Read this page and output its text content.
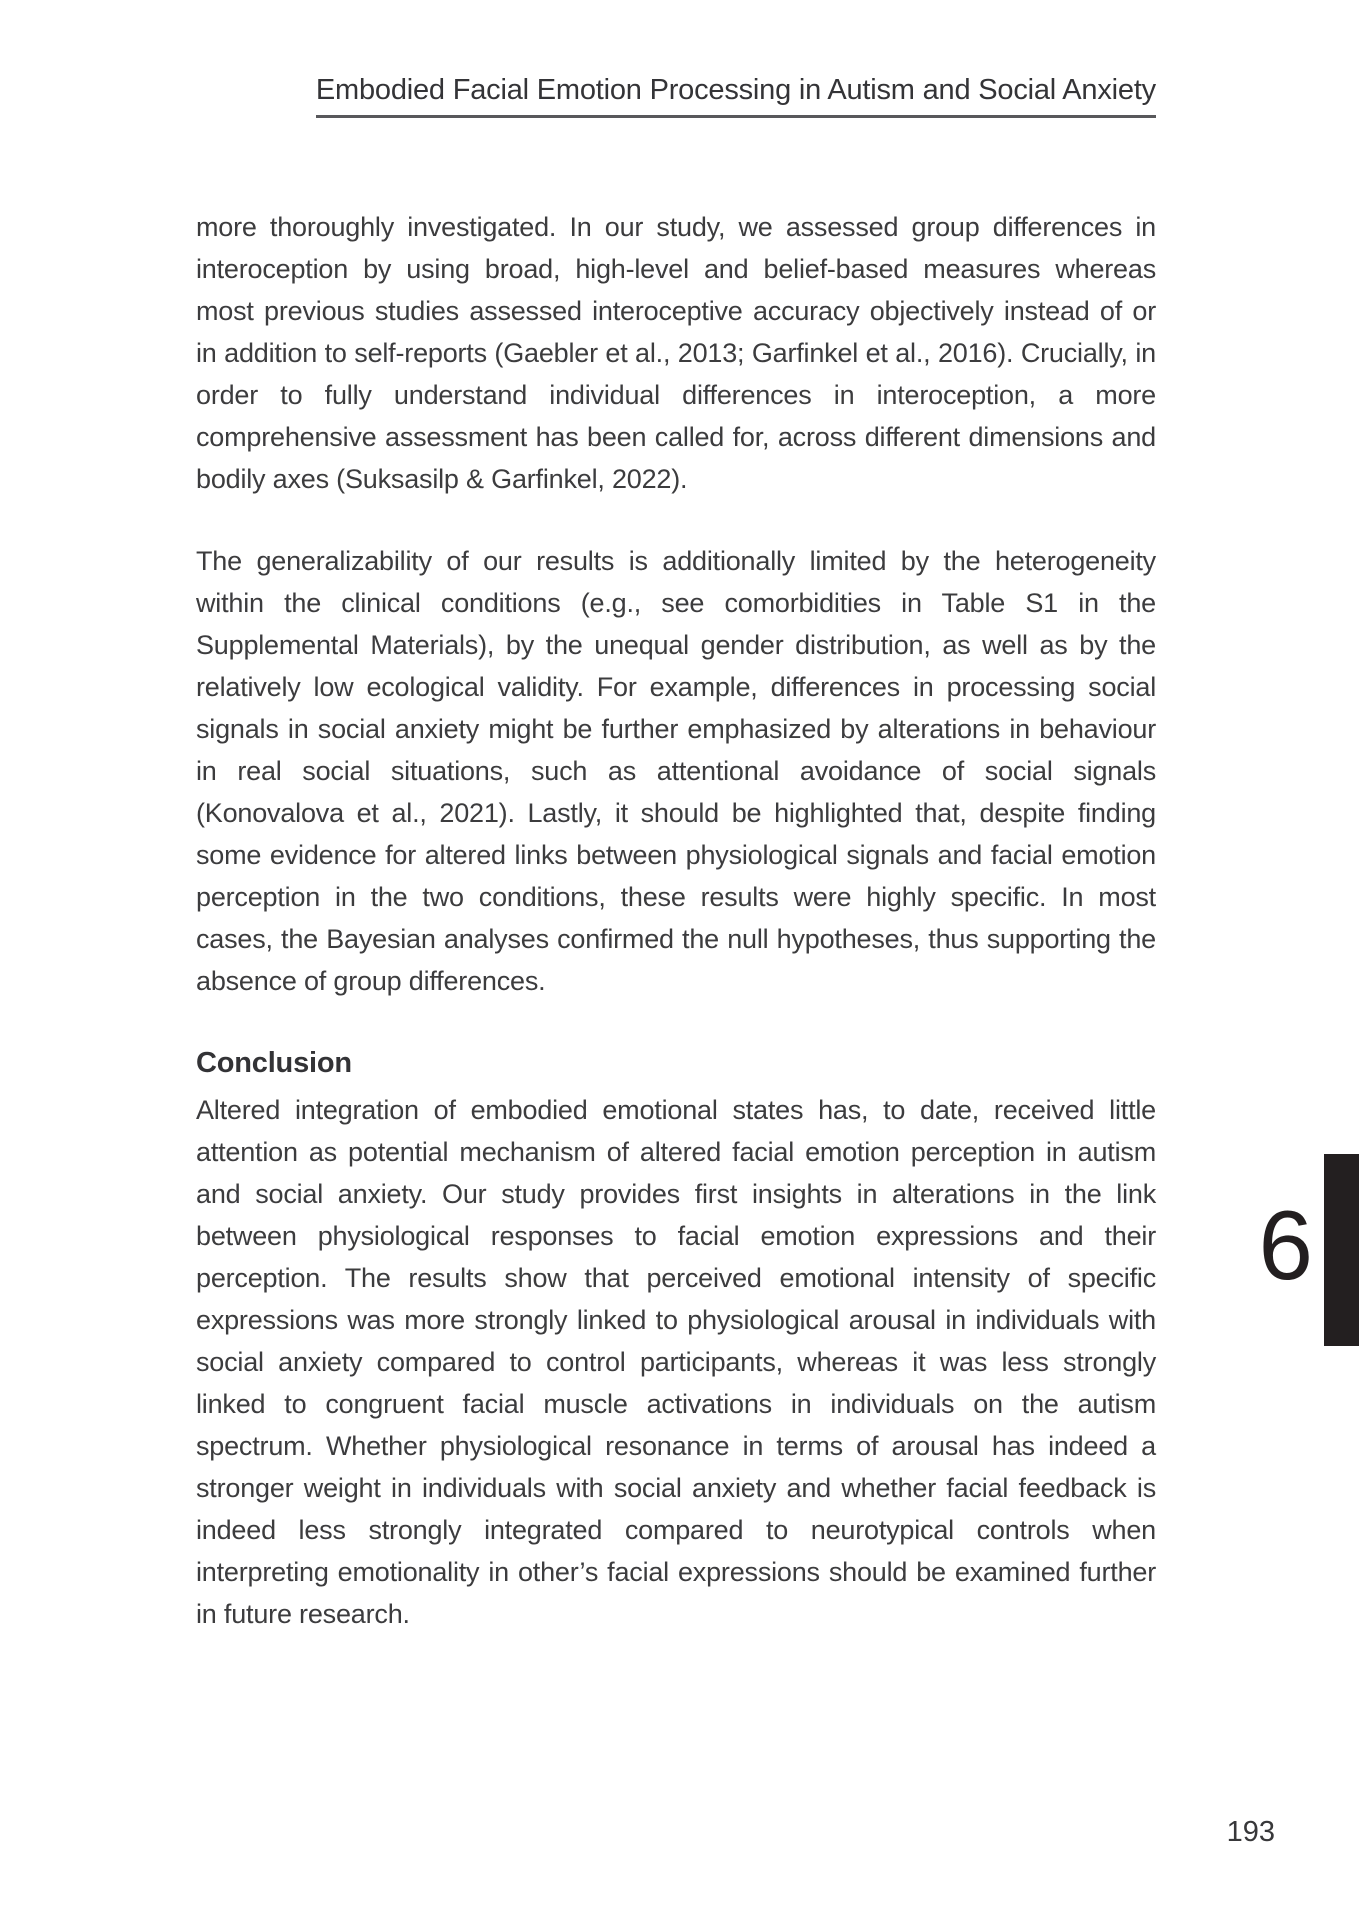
Embodied Facial Emotion Processing in Autism and Social Anxiety

more thoroughly investigated. In our study, we assessed group differences in interoception by using broad, high-level and belief-based measures whereas most previous studies assessed interoceptive accuracy objectively instead of or in addition to self-reports (Gaebler et al., 2013; Garfinkel et al., 2016). Crucially, in order to fully understand individual differences in interoception, a more comprehensive assessment has been called for, across different dimensions and bodily axes (Suksasilp & Garfinkel, 2022).

The generalizability of our results is additionally limited by the heterogeneity within the clinical conditions (e.g., see comorbidities in Table S1 in the Supplemental Materials), by the unequal gender distribution, as well as by the relatively low ecological validity. For example, differences in processing social signals in social anxiety might be further emphasized by alterations in behaviour in real social situations, such as attentional avoidance of social signals (Konovalova et al., 2021). Lastly, it should be highlighted that, despite finding some evidence for altered links between physiological signals and facial emotion perception in the two conditions, these results were highly specific. In most cases, the Bayesian analyses confirmed the null hypotheses, thus supporting the absence of group differences.

Conclusion

Altered integration of embodied emotional states has, to date, received little attention as potential mechanism of altered facial emotion perception in autism and social anxiety. Our study provides first insights in alterations in the link between physiological responses to facial emotion expressions and their perception. The results show that perceived emotional intensity of specific expressions was more strongly linked to physiological arousal in individuals with social anxiety compared to control participants, whereas it was less strongly linked to congruent facial muscle activations in individuals on the autism spectrum. Whether physiological resonance in terms of arousal has indeed a stronger weight in individuals with social anxiety and whether facial feedback is indeed less strongly integrated compared to neurotypical controls when interpreting emotionality in other’s facial expressions should be examined further in future research.

6
193
